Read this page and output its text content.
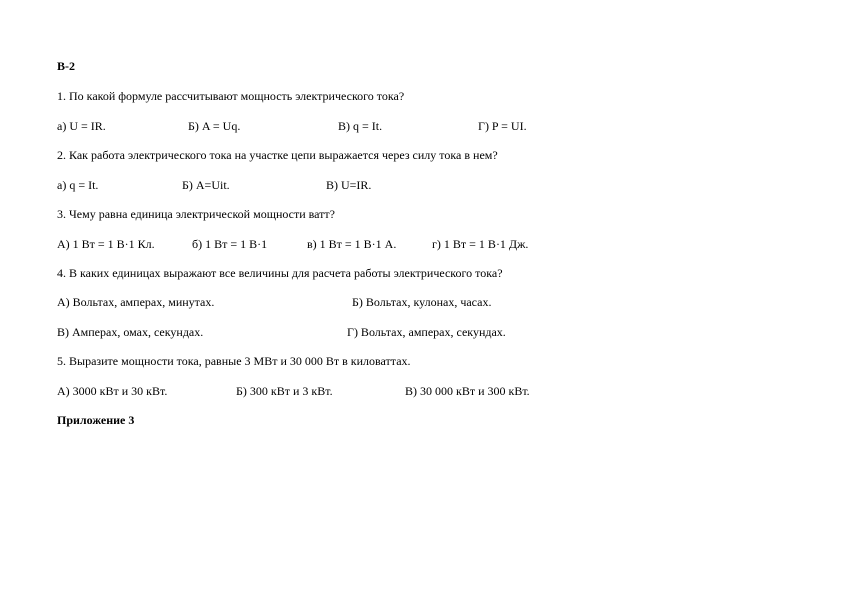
В-2
1. По какой формуле рассчитывают мощность электрического тока?
а) U = IR.	Б) A = Uq.	В) q = It.	Г) P = UI.
2. Как работа электрического тока на участке цепи выражается через силу тока в нем?
а) q = It.	Б) A=Uit.	В) U=IR.
3. Чему равна единица электрической мощности ватт?
А) 1 Вт = 1 В·1 Кл.	б) 1 Вт = 1 В·1	в) 1 Вт = 1 В·1 А.	г) 1 Вт = 1 В·1 Дж.
4. В каких единицах выражают все величины для расчета работы электрического тока?
А) Вольтах, амперах, минутах.	Б) Вольтах, кулонах, часах.
В) Амперах, омах, секундах.	Г) Вольтах, амперах, секундах.
5. Выразите мощности тока, равные 3 МВт и 30 000 Вт в киловаттах.
А) 3000 кВт и 30 кВт.	Б) 300 кВт и 3 кВт.	В) 30 000 кВт и 300 кВт.
Приложение 3
